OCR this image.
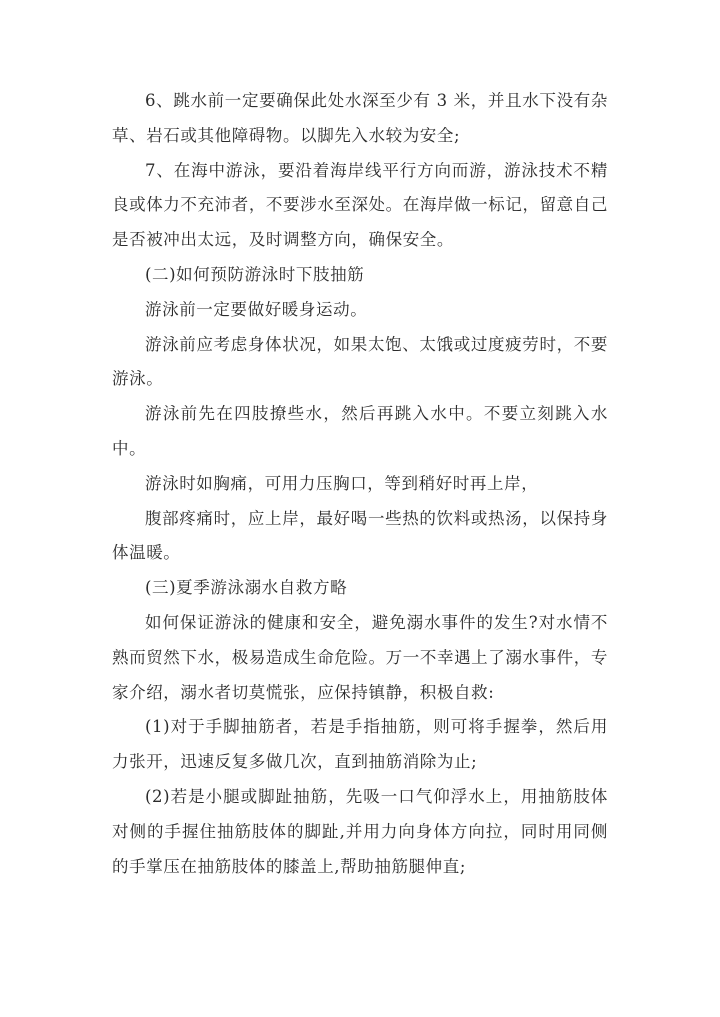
6、跳水前一定要确保此处水深至少有 3 米，并且水下没有杂草、岩石或其他障碍物。以脚先入水较为安全;

7、在海中游泳，要沿着海岸线平行方向而游，游泳技术不精良或体力不充沛者，不要涉水至深处。在海岸做一标记，留意自己是否被冲出太远，及时调整方向，确保安全。

(二)如何预防游泳时下肢抽筋

游泳前一定要做好暖身运动。

游泳前应考虑身体状况，如果太饱、太饿或过度疲劳时，不要游泳。

游泳前先在四肢撩些水，然后再跳入水中。不要立刻跳入水中。

游泳时如胸痛，可用力压胸口，等到稍好时再上岸，

腹部疼痛时，应上岸，最好喝一些热的饮料或热汤，以保持身体温暖。

(三)夏季游泳溺水自救方略

如何保证游泳的健康和安全，避免溺水事件的发生?对水情不熟而贸然下水，极易造成生命危险。万一不幸遇上了溺水事件，专家介绍，溺水者切莫慌张，应保持镇静，积极自救:

(1)对于手脚抽筋者，若是手指抽筋，则可将手握拳，然后用力张开，迅速反复多做几次，直到抽筋消除为止;

(2)若是小腿或脚趾抽筋，先吸一口气仰浮水上，用抽筋肢体对侧的手握住抽筋肢体的脚趾,并用力向身体方向拉，同时用同侧的手掌压在抽筋肢体的膝盖上,帮助抽筋腿伸直;
